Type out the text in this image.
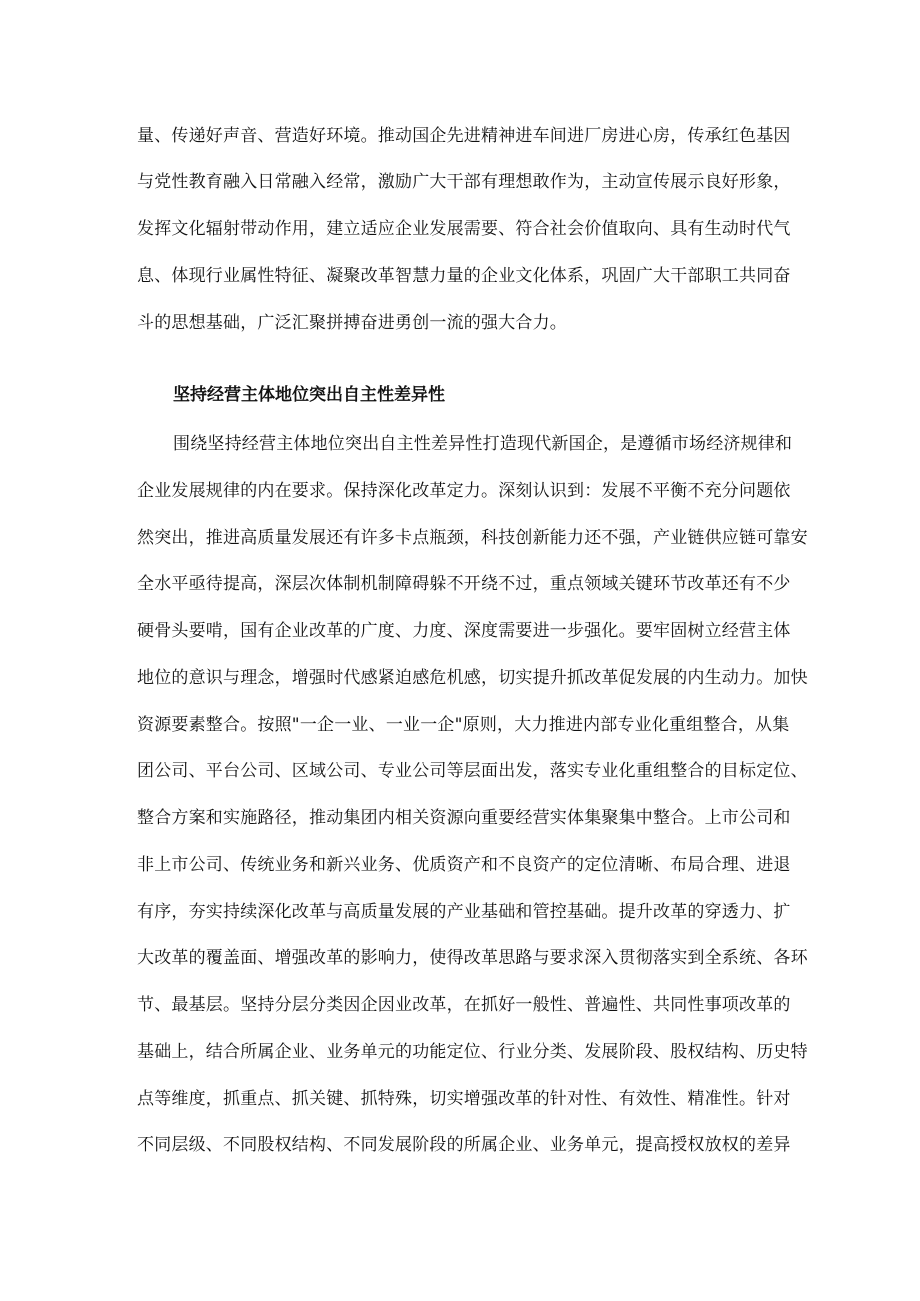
量、传递好声音、营造好环境。推动国企先进精神进车间进厂房进心房，传承红色基因
与党性教育融入日常融入经常，激励广大干部有理想敢作为，主动宣传展示良好形象，
发挥文化辐射带动作用，建立适应企业发展需要、符合社会价值取向、具有生动时代气
息、体现行业属性特征、凝聚改革智慧力量的企业文化体系，巩固广大干部职工共同奋
斗的思想基础，广泛汇聚拼搏奋进勇创一流的强大合力。
坚持经营主体地位突出自主性差异性
围绕坚持经营主体地位突出自主性差异性打造现代新国企，是遵循市场经济规律和
企业发展规律的内在要求。保持深化改革定力。深刻认识到：发展不平衡不充分问题依
然突出，推进高质量发展还有许多卡点瓶颈，科技创新能力还不强，产业链供应链可靠安
全水平亟待提高，深层次体制机制障碍躲不开绕不过，重点领域关键环节改革还有不少
硬骨头要啃，国有企业改革的广度、力度、深度需要进一步强化。要牢固树立经营主体
地位的意识与理念，增强时代感紧迫感危机感，切实提升抓改革促发展的内生动力。加快
资源要素整合。按照"一企一业、一业一企"原则，大力推进内部专业化重组整合，从集
团公司、平台公司、区域公司、专业公司等层面出发，落实专业化重组整合的目标定位、
整合方案和实施路径，推动集团内相关资源向重要经营实体集聚集中整合。上市公司和
非上市公司、传统业务和新兴业务、优质资产和不良资产的定位清晰、布局合理、进退
有序，夯实持续深化改革与高质量发展的产业基础和管控基础。提升改革的穿透力、扩
大改革的覆盖面、增强改革的影响力，使得改革思路与要求深入贯彻落实到全系统、各环
节、最基层。坚持分层分类因企因业改革，在抓好一般性、普遍性、共同性事项改革的
基础上，结合所属企业、业务单元的功能定位、行业分类、发展阶段、股权结构、历史特
点等维度，抓重点、抓关键、抓特殊，切实增强改革的针对性、有效性、精准性。针对
不同层级、不同股权结构、不同发展阶段的所属企业、业务单元，提高授权放权的差异
